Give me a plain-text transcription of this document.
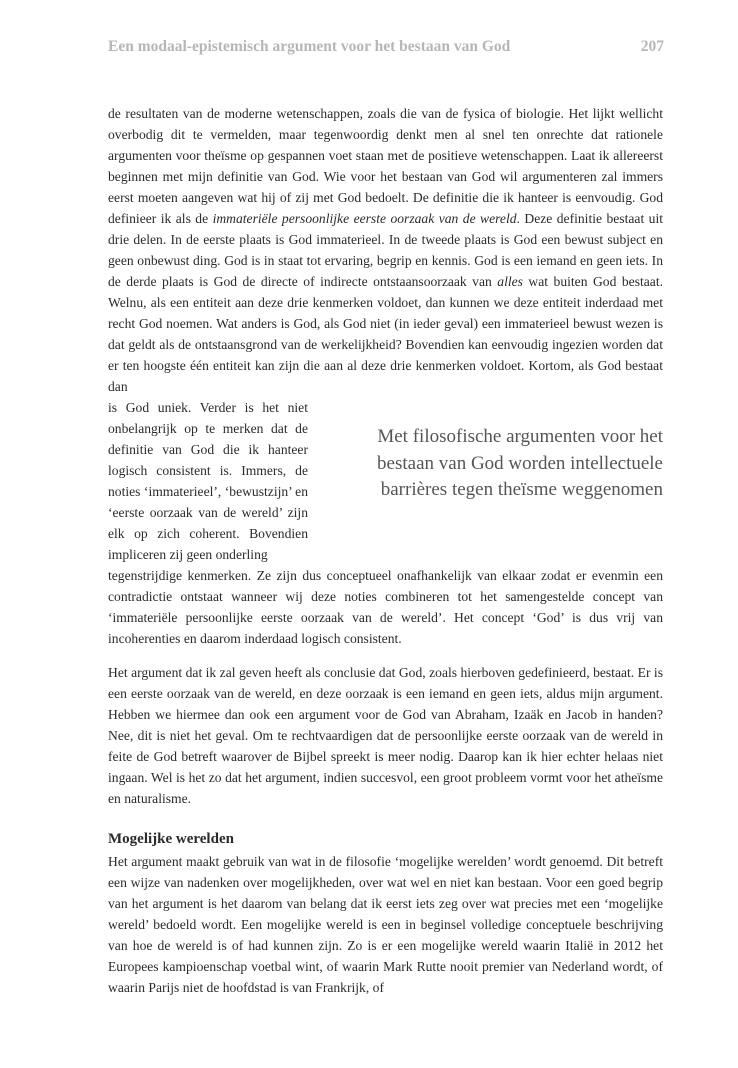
Een modaal-epistemisch argument voor het bestaan van God	207
de resultaten van de moderne wetenschappen, zoals die van de fysica of biologie. Het lijkt wellicht overbodig dit te vermelden, maar tegenwoordig denkt men al snel ten onrechte dat rationele argumenten voor theïsme op gespannen voet staan met de positieve wetenschappen. Laat ik allereerst beginnen met mijn definitie van God. Wie voor het bestaan van God wil argumenteren zal immers eerst moeten aangeven wat hij of zij met God bedoelt. De definitie die ik hanteer is eenvoudig. God definieer ik als de immateriële persoonlijke eerste oorzaak van de wereld. Deze definitie bestaat uit drie delen. In de eerste plaats is God immaterieel. In de tweede plaats is God een bewust subject en geen onbewust ding. God is in staat tot ervaring, begrip en kennis. God is een iemand en geen iets. In de derde plaats is God de directe of indirecte ontstaansoorzaak van alles wat buiten God bestaat. Welnu, als een entiteit aan deze drie kenmerken voldoet, dan kunnen we deze entiteit inderdaad met recht God noemen. Wat anders is God, als God niet (in ieder geval) een immaterieel bewust wezen is dat geldt als de ontstaansgrond van de werkelijkheid? Bovendien kan eenvoudig ingezien worden dat er ten hoogste één entiteit kan zijn die aan al deze drie kenmerken voldoet. Kortom, als God bestaat dan
is God uniek. Verder is het niet onbelangrijk op te merken dat de definitie van God die ik hanteer logisch consistent is. Immers, de noties ‘immaterieel’, ‘bewustzijn’ en ‘eerste oorzaak van de wereld’ zijn elk op zich coherent. Bovendien impliceren zij geen onderling
Met filosofische argumenten voor het bestaan van God worden intellectuele barrières tegen theïsme weggenomen
tegenstrijdige kenmerken. Ze zijn dus conceptueel onafhankelijk van elkaar zodat er evenmin een contradictie ontstaat wanneer wij deze noties combineren tot het samengestelde concept van ‘immateriële persoonlijke eerste oorzaak van de wereld’. Het concept ‘God’ is dus vrij van incoherenties en daarom inderdaad logisch consistent.
Het argument dat ik zal geven heeft als conclusie dat God, zoals hierboven gedefinieerd, bestaat. Er is een eerste oorzaak van de wereld, en deze oorzaak is een iemand en geen iets, aldus mijn argument. Hebben we hiermee dan ook een argument voor de God van Abraham, Izaäk en Jacob in handen? Nee, dit is niet het geval. Om te rechtvaardigen dat de persoonlijke eerste oorzaak van de wereld in feite de God betreft waarover de Bijbel spreekt is meer nodig. Daarop kan ik hier echter helaas niet ingaan. Wel is het zo dat het argument, indien succesvol, een groot probleem vormt voor het atheïsme en naturalisme.
Mogelijke werelden
Het argument maakt gebruik van wat in de filosofie ‘mogelijke werelden’ wordt genoemd. Dit betreft een wijze van nadenken over mogelijkheden, over wat wel en niet kan bestaan. Voor een goed begrip van het argument is het daarom van belang dat ik eerst iets zeg over wat precies met een ‘mogelijke wereld’ bedoeld wordt. Een mogelijke wereld is een in beginsel volledige conceptuele beschrijving van hoe de wereld is of had kunnen zijn. Zo is er een mogelijke wereld waarin Italië in 2012 het Europees kampioenschap voetbal wint, of waarin Mark Rutte nooit premier van Nederland wordt, of waarin Parijs niet de hoofdstad is van Frankrijk, of
